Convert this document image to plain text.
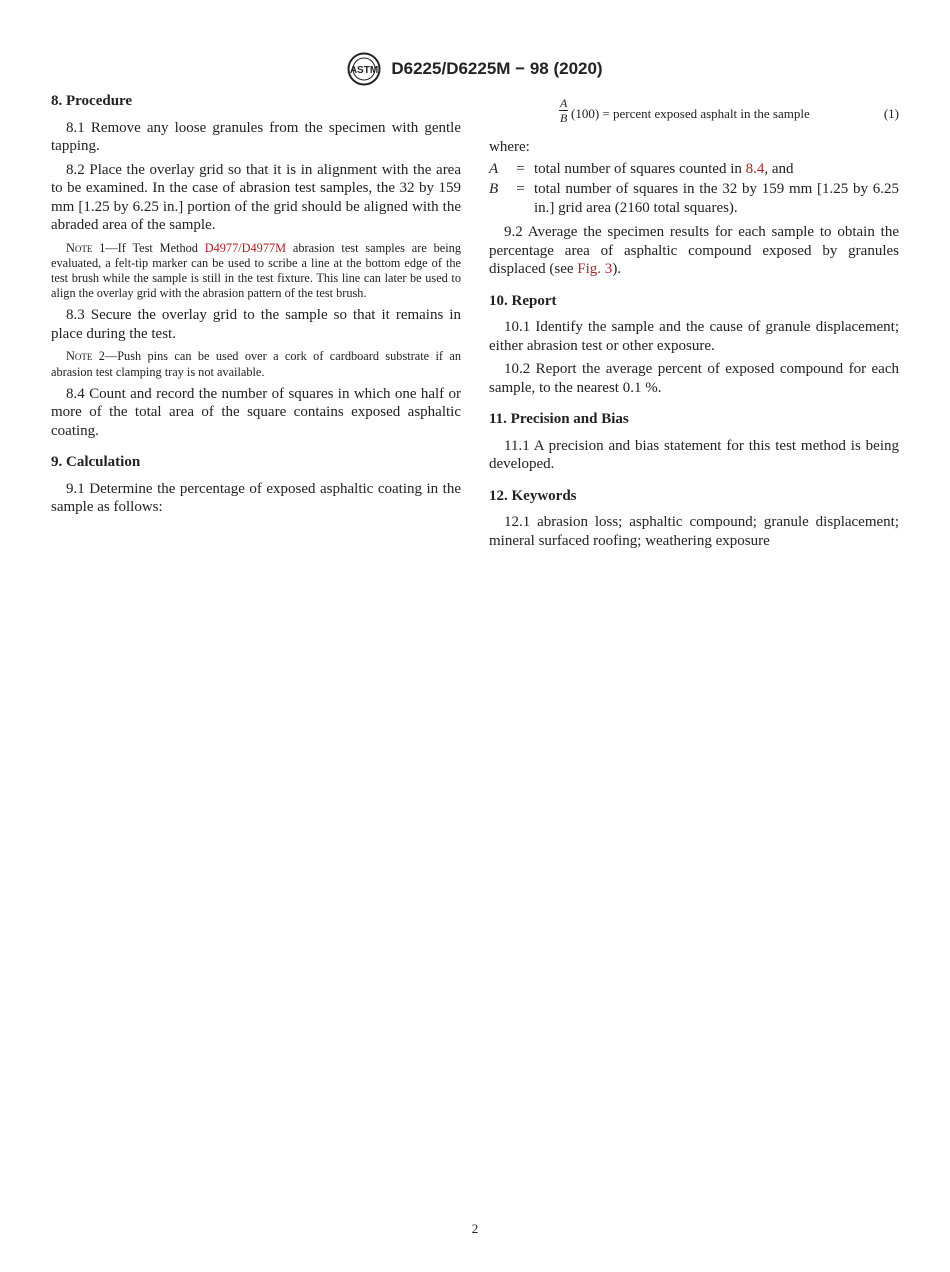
ASTM D6225/D6225M − 98 (2020)
8. Procedure

8.1 Remove any loose granules from the specimen with gentle tapping.

8.2 Place the overlay grid so that it is in alignment with the area to be examined. In the case of abrasion test samples, the 32 by 159 mm [1.25 by 6.25 in.] portion of the grid should be aligned with the abraded area of the sample.

Note 1—If Test Method D4977/D4977M abrasion test samples are being evaluated, a felt-tip marker can be used to scribe a line at the bottom edge of the test brush while the sample is still in the test fixture. This line can later be used to align the overlay grid with the abrasion pattern of the test brush.

8.3 Secure the overlay grid to the sample so that it remains in place during the test.

Note 2—Push pins can be used over a cork of cardboard substrate if an abrasion test clamping tray is not available.

8.4 Count and record the number of squares in which one half or more of the total area of the square contains exposed asphaltic coating.

9. Calculation

9.1 Determine the percentage of exposed asphaltic coating in the sample as follows:

$\frac{A}{B} (100)$ = percent exposed asphalt in the sample	(1)

where:

A	= total number of squares counted in 8.4, and
B	= total number of squares in the 32 by 159 mm [1.25 by 6.25 in.] grid area (2160 total squares).

9.2 Average the specimen results for each sample to obtain the percentage area of asphaltic compound exposed by granules displaced (see Fig. 3).

10. Report

10.1 Identify the sample and the cause of granule displacement; either abrasion test or other exposure.

10.2 Report the average percent of exposed compound for each sample, to the nearest 0.1 %.

11. Precision and Bias

11.1 A precision and bias statement for this test method is being developed.

12. Keywords

12.1 abrasion loss; asphaltic compound; granule displacement; mineral surfaced roofing; weathering exposure

2
